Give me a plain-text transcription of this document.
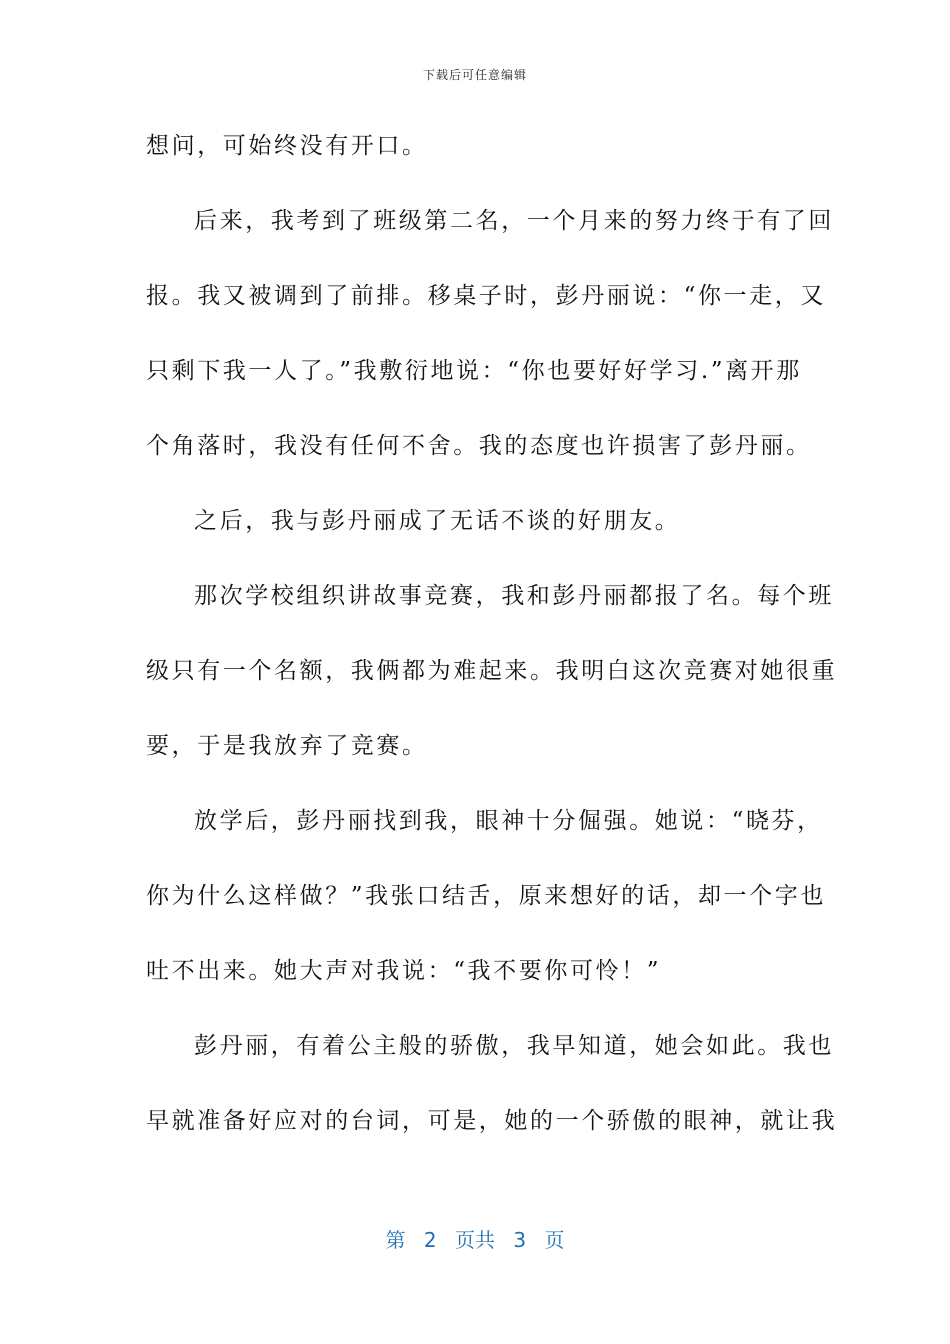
下载后可任意编辑
想问，可始终没有开口。
后来，我考到了班级第二名，一个月来的努力终于有了回
报。我又被调到了前排。移桌子时，彭丹丽说：“你一走，又
只剩下我一人了。”我敷衍地说：“你也要好好学习.”离开那
个角落时，我没有任何不舍。我的态度也许损害了彭丹丽。
之后，我与彭丹丽成了无话不谈的好朋友。
那次学校组织讲故事竞赛，我和彭丹丽都报了名。每个班
级只有一个名额，我俩都为难起来。我明白这次竞赛对她很重
要，于是我放弃了竞赛。
放学后，彭丹丽找到我，眼神十分倔强。她说：“晓芬，
你为什么这样做？”我张口结舌，原来想好的话，却一个字也
吐不出来。她大声对我说：“我不要你可怜！”
彭丹丽，有着公主般的骄傲，我早知道，她会如此。我也
早就准备好应对的台词，可是，她的一个骄傲的眼神，就让我
第 2 页共 3 页
